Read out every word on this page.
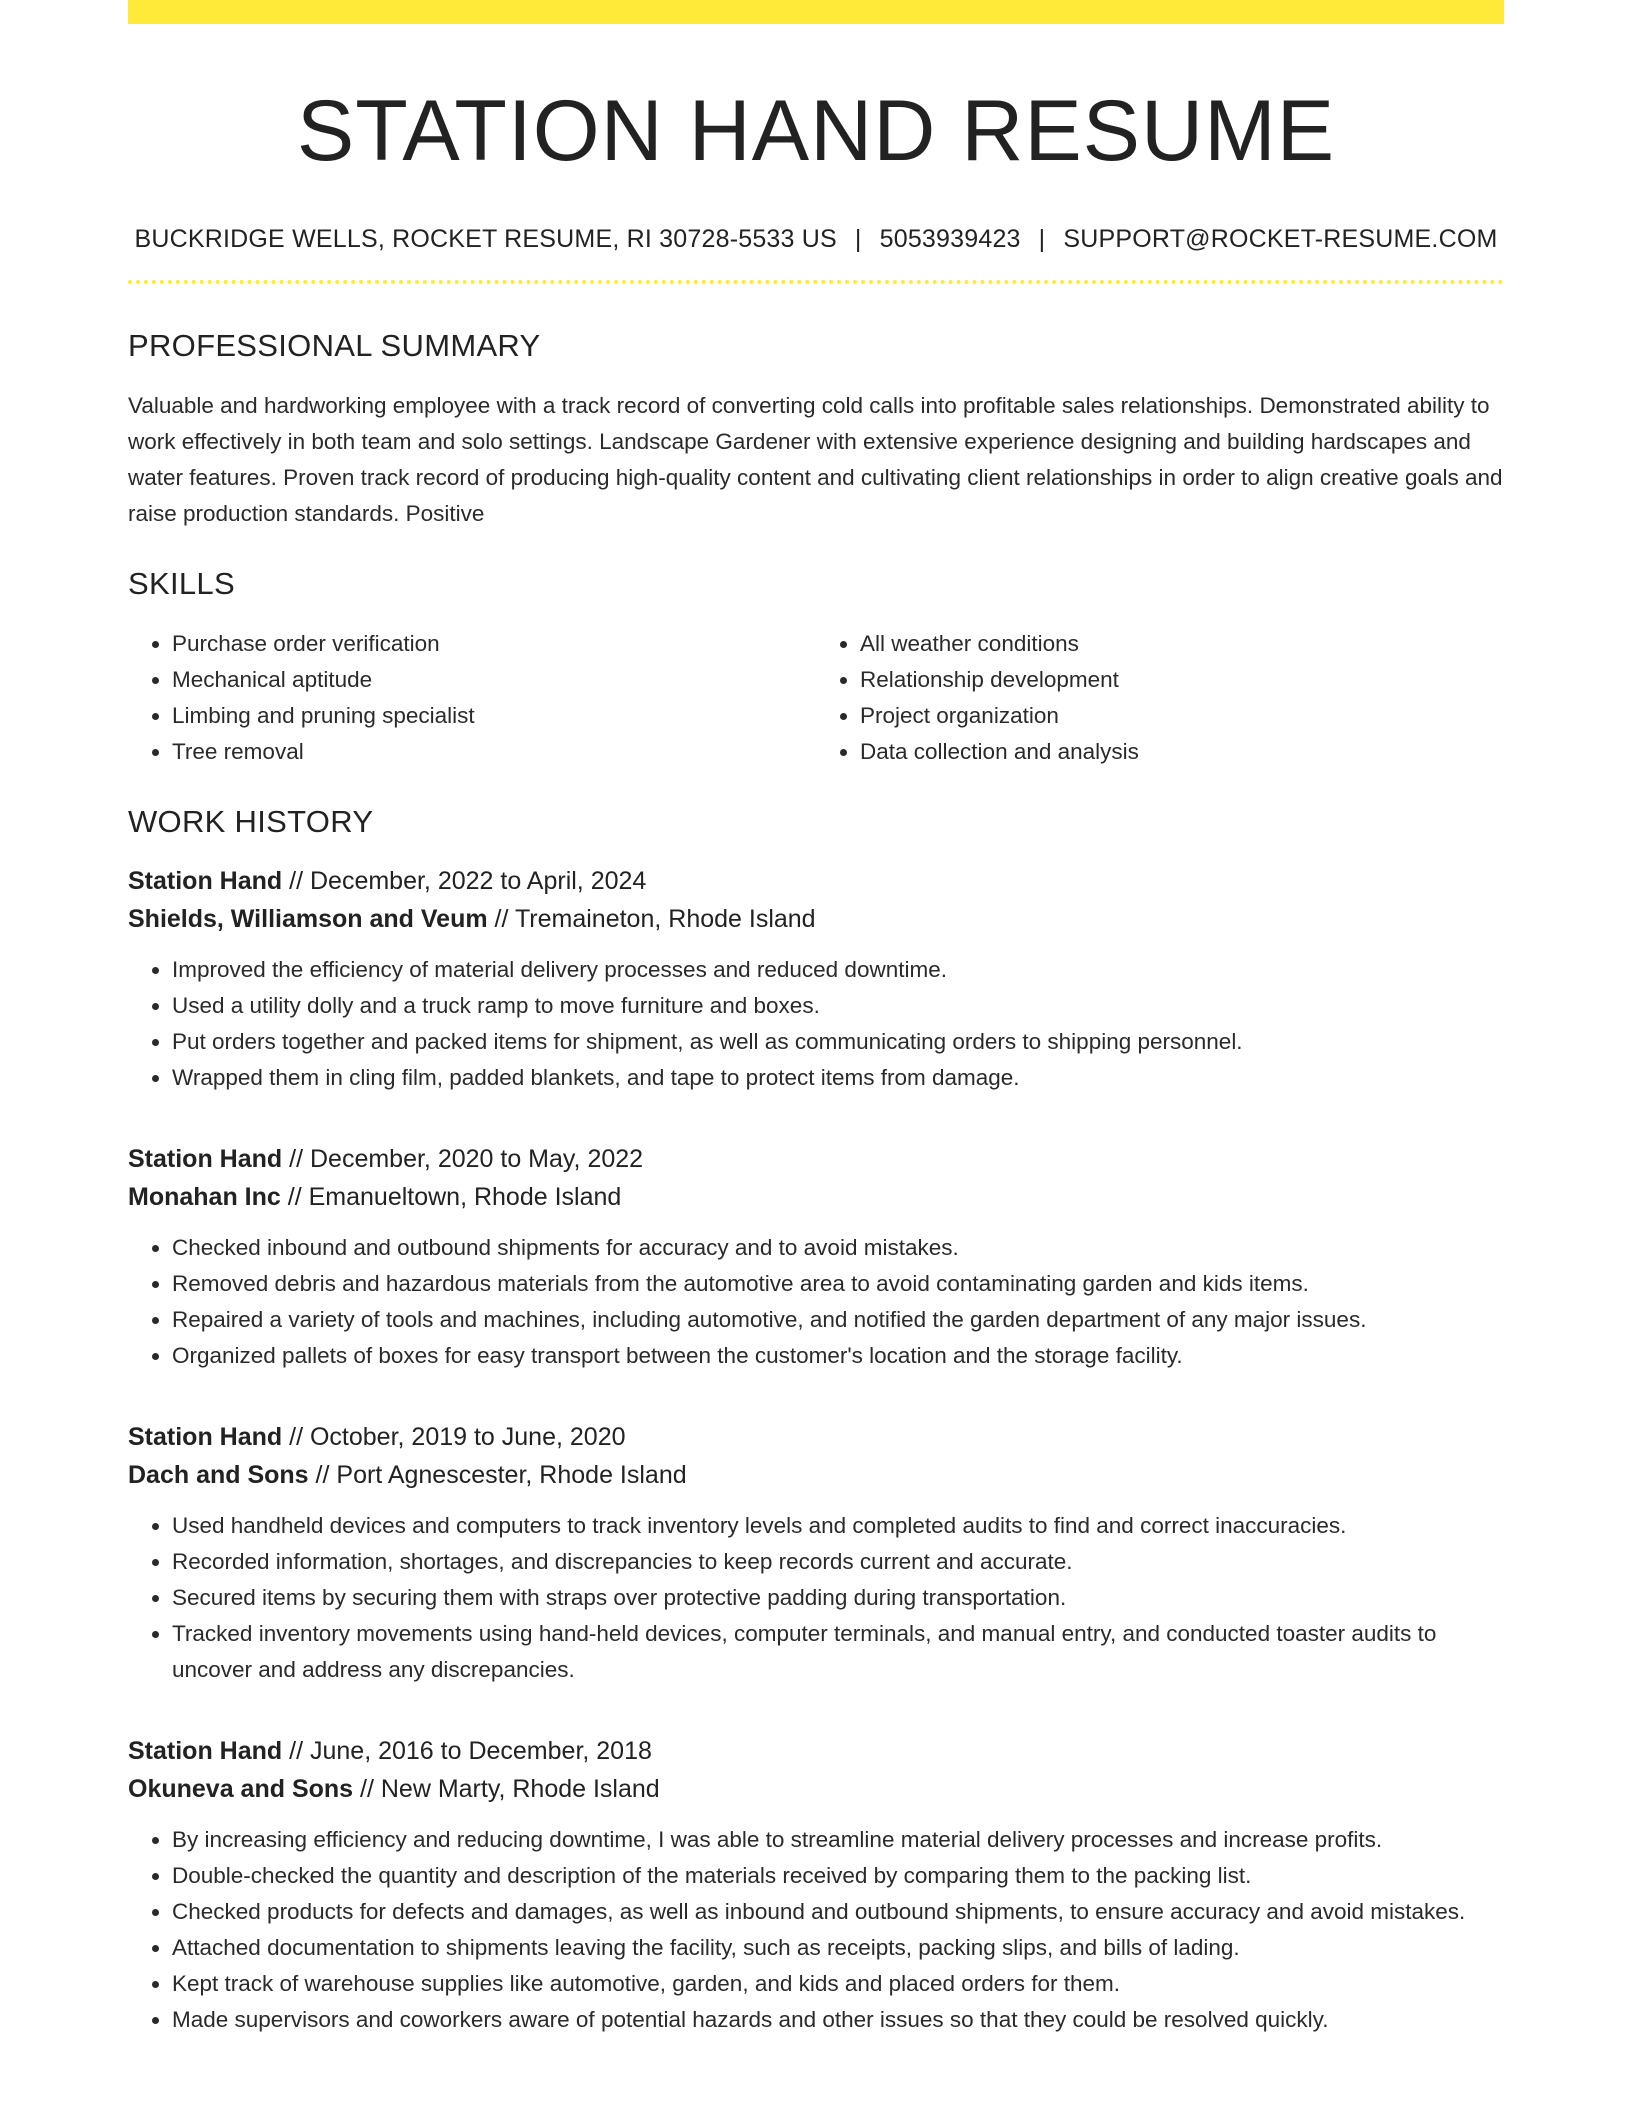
STATION HAND RESUME
BUCKRIDGE WELLS, ROCKET RESUME, RI 30728-5533 US | 5053939423 | SUPPORT@ROCKET-RESUME.COM
PROFESSIONAL SUMMARY

Valuable and hardworking employee with a track record of converting cold calls into profitable sales relationships. Demonstrated ability to work effectively in both team and solo settings. Landscape Gardener with extensive experience designing and building hardscapes and water features. Proven track record of producing high-quality content and cultivating client relationships in order to align creative goals and raise production standards. Positive

SKILLS
• Purchase order verification
• Mechanical aptitude
• Limbing and pruning specialist
• Tree removal
• All weather conditions
• Relationship development
• Project organization
• Data collection and analysis
WORK HISTORY
Station Hand // December, 2022 to April, 2024
Shields, Williamson and Veum // Tremaineton, Rhode Island
• Improved the efficiency of material delivery processes and reduced downtime.
• Used a utility dolly and a truck ramp to move furniture and boxes.
• Put orders together and packed items for shipment, as well as communicating orders to shipping personnel.
• Wrapped them in cling film, padded blankets, and tape to protect items from damage.
Station Hand // December, 2020 to May, 2022
Monahan Inc // Emanueltown, Rhode Island
• Checked inbound and outbound shipments for accuracy and to avoid mistakes.
• Removed debris and hazardous materials from the automotive area to avoid contaminating garden and kids items.
• Repaired a variety of tools and machines, including automotive, and notified the garden department of any major issues.
• Organized pallets of boxes for easy transport between the customer's location and the storage facility.
Station Hand // October, 2019 to June, 2020
Dach and Sons // Port Agnescester, Rhode Island
• Used handheld devices and computers to track inventory levels and completed audits to find and correct inaccuracies.
• Recorded information, shortages, and discrepancies to keep records current and accurate.
• Secured items by securing them with straps over protective padding during transportation.
• Tracked inventory movements using hand-held devices, computer terminals, and manual entry, and conducted toaster audits to uncover and address any discrepancies.
Station Hand // June, 2016 to December, 2018
Okuneva and Sons // New Marty, Rhode Island
• By increasing efficiency and reducing downtime, I was able to streamline material delivery processes and increase profits.
• Double-checked the quantity and description of the materials received by comparing them to the packing list.
• Checked products for defects and damages, as well as inbound and outbound shipments, to ensure accuracy and avoid mistakes.
• Attached documentation to shipments leaving the facility, such as receipts, packing slips, and bills of lading.
• Kept track of warehouse supplies like automotive, garden, and kids and placed orders for them.
• Made supervisors and coworkers aware of potential hazards and other issues so that they could be resolved quickly.
